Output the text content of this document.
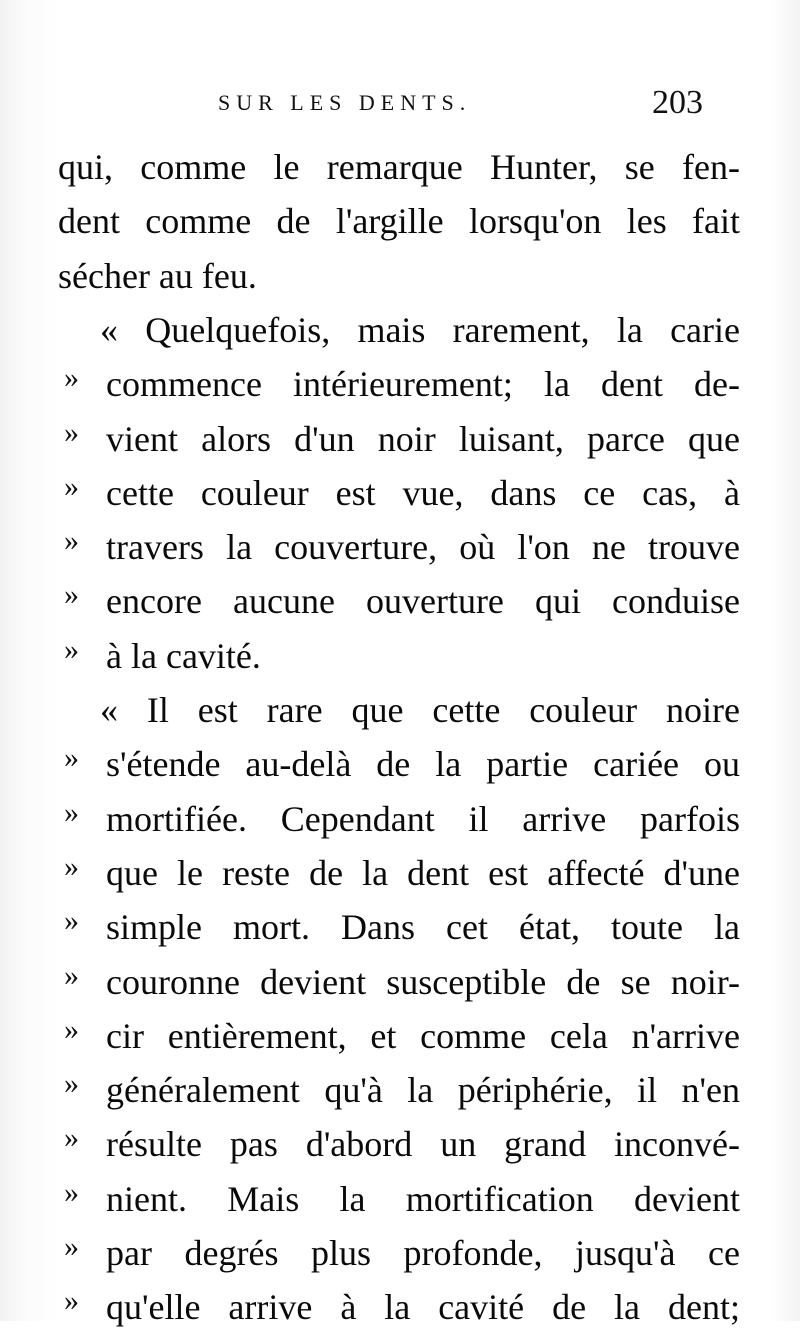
SUR LES DENTS.	203
qui, comme le remarque Hunter, se fen-
dent comme de l'argille lorsqu'on les fait
sécher au feu.
« Quelquefois, mais rarement, la carie
» commence intérieurement; la dent de-
» vient alors d'un noir luisant, parce que
» cette couleur est vue, dans ce cas, à
» travers la couverture, où l'on ne trouve
» encore aucune ouverture qui conduise
» à la cavité.
« Il est rare que cette couleur noire
» s'étende au-delà de la partie cariée ou
» mortifiée. Cependant il arrive parfois
» que le reste de la dent est affecté d'une
» simple mort. Dans cet état, toute la
» couronne devient susceptible de se noir-
» cir entièrement, et comme cela n'arrive
» généralement qu'à la périphérie, il n'en
» résulte pas d'abord un grand inconvé-
» nient. Mais la mortification devient
» par degrés plus profonde, jusqu'à ce
» qu'elle arrive à la cavité de la dent;
